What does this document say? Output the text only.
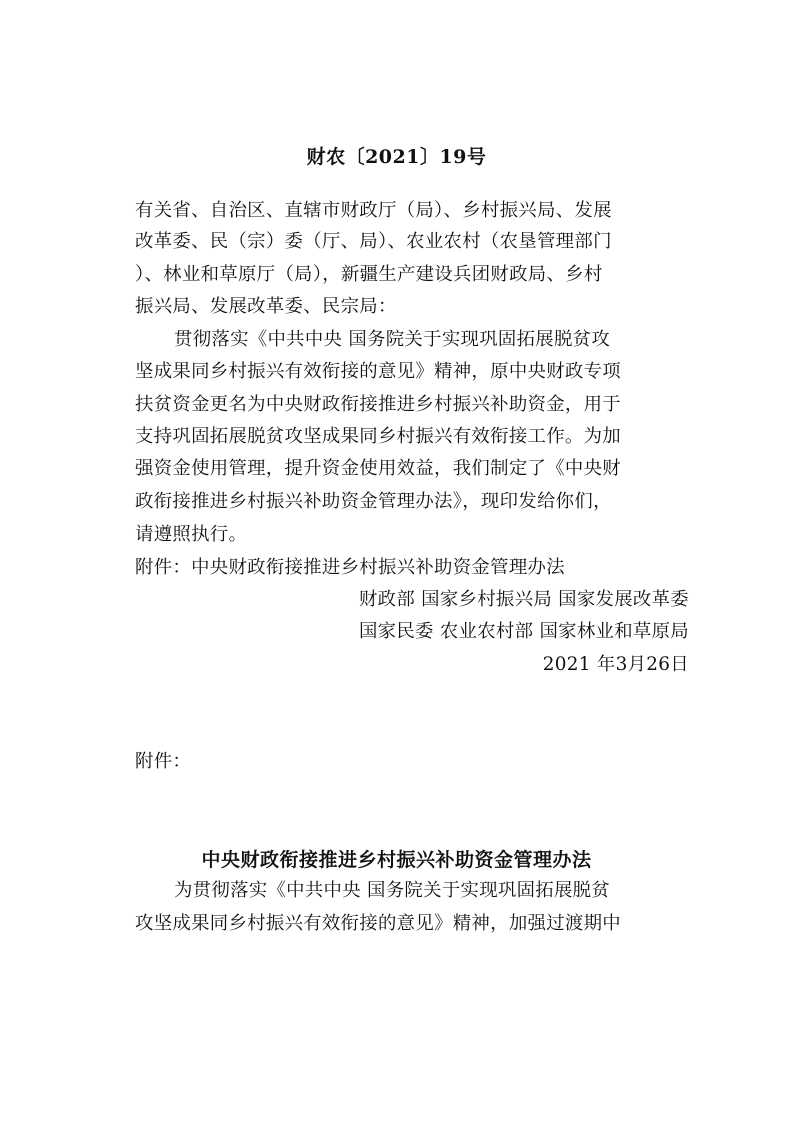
财农〔2021〕19号
有关省、自治区、直辖市财政厅（局）、乡村振兴局、发展
改革委、民（宗）委（厅、局）、农业农村（农垦管理部门
）、林业和草原厅（局），新疆生产建设兵团财政局、乡村
振兴局、发展改革委、民宗局：
贯彻落实《中共中央 国务院关于实现巩固拓展脱贫攻
坚成果同乡村振兴有效衔接的意见》精神，原中央财政专项
扶贫资金更名为中央财政衔接推进乡村振兴补助资金，用于
支持巩固拓展脱贫攻坚成果同乡村振兴有效衔接工作。为加
强资金使用管理，提升资金使用效益，我们制定了《中央财
政衔接推进乡村振兴补助资金管理办法》，现印发给你们，
请遵照执行。
附件：中央财政衔接推进乡村振兴补助资金管理办法
财政部 国家乡村振兴局 国家发展改革委
国家民委 农业农村部 国家林业和草原局
2021 年3月26日
附件：
中央财政衔接推进乡村振兴补助资金管理办法
为贯彻落实《中共中央 国务院关于实现巩固拓展脱贫
攻坚成果同乡村振兴有效衔接的意见》精神，加强过渡期中
